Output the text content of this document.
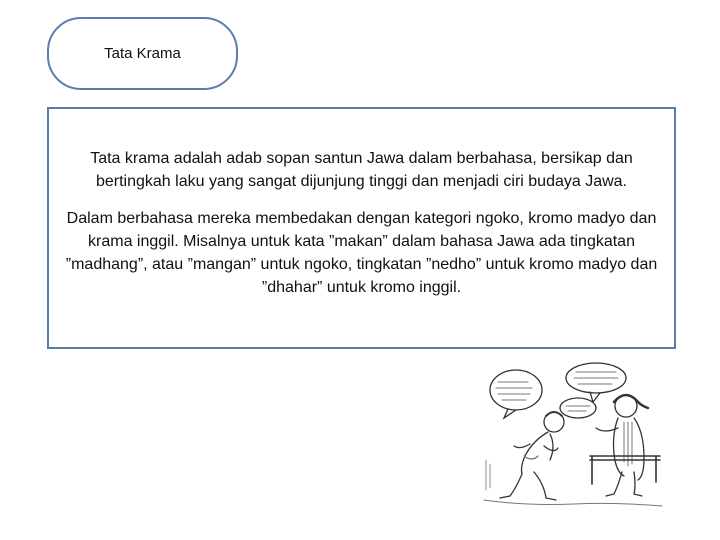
Tata Krama

Tata krama adalah adab sopan santun Jawa dalam berbahasa, bersikap dan bertingkah laku yang sangat dijunjung tinggi dan menjadi ciri budaya Jawa.

Dalam berbahasa mereka membedakan dengan kategori ngoko, kromo madyo dan krama inggil. Misalnya untuk kata ”makan” dalam bahasa Jawa ada tingkatan ”madhang”, atau ”mangan” untuk ngoko, tingkatan ”nedho” untuk kromo madyo dan ”dhahar” untuk kromo inggil.
